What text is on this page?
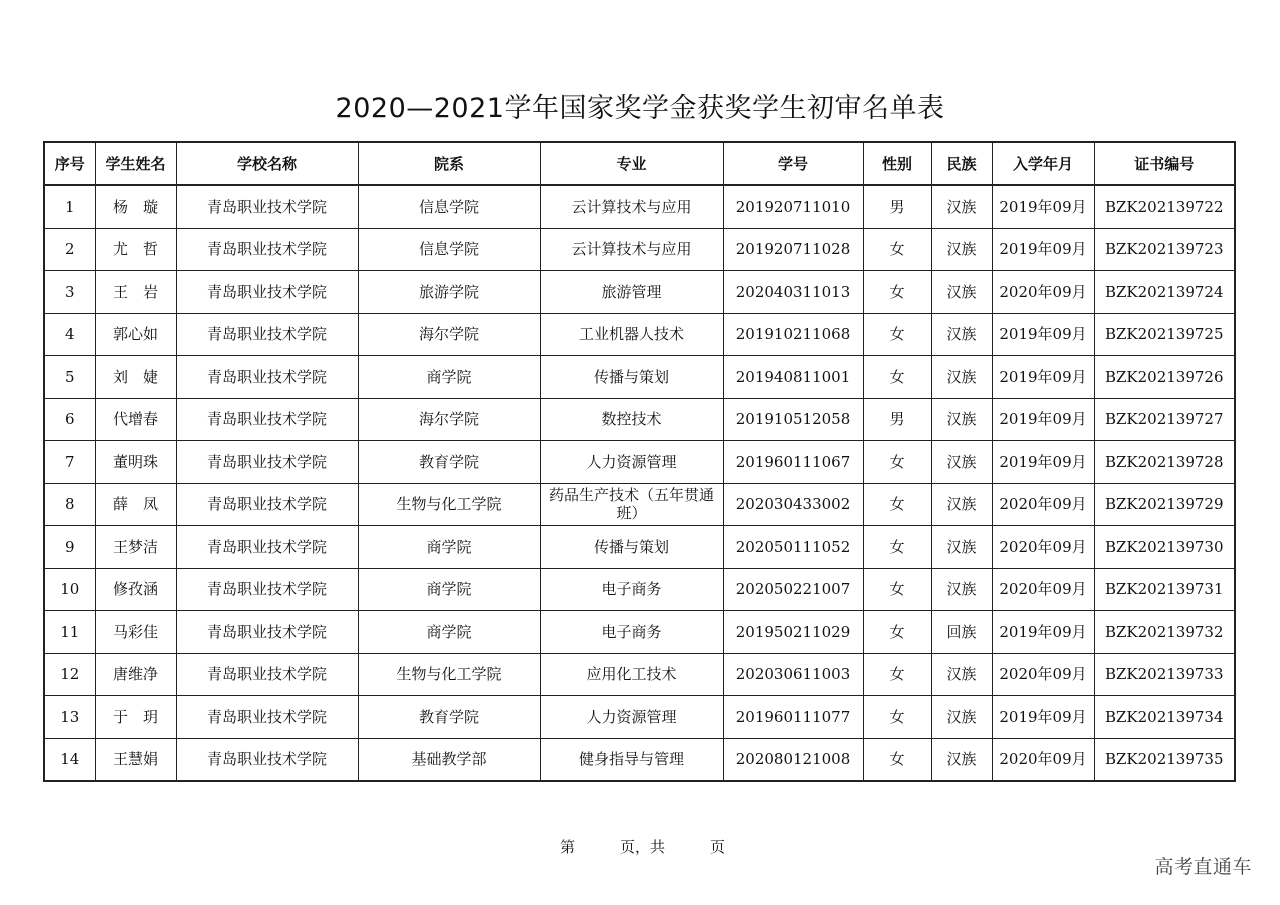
2020—2021学年国家奖学金获奖学生初审名单表
序号	学生姓名	学校名称	院系	专业	学号	性别	民族	入学年月	证书编号
1	杨　璇	青岛职业技术学院	信息学院	云计算技术与应用	201920711010	男	汉族	2019年09月	BZK202139722
2	尤　哲	青岛职业技术学院	信息学院	云计算技术与应用	201920711028	女	汉族	2019年09月	BZK202139723
3	王　岩	青岛职业技术学院	旅游学院	旅游管理	202040311013	女	汉族	2020年09月	BZK202139724
4	郭心如	青岛职业技术学院	海尔学院	工业机器人技术	201910211068	女	汉族	2019年09月	BZK202139725
5	刘　婕	青岛职业技术学院	商学院	传播与策划	201940811001	女	汉族	2019年09月	BZK202139726
6	代增春	青岛职业技术学院	海尔学院	数控技术	201910512058	男	汉族	2019年09月	BZK202139727
7	董明珠	青岛职业技术学院	教育学院	人力资源管理	201960111067	女	汉族	2019年09月	BZK202139728
8	薛　凤	青岛职业技术学院	生物与化工学院	药品生产技术（五年贯通班）	202030433002	女	汉族	2020年09月	BZK202139729
9	王梦洁	青岛职业技术学院	商学院	传播与策划	202050111052	女	汉族	2020年09月	BZK202139730
10	修孜涵	青岛职业技术学院	商学院	电子商务	202050221007	女	汉族	2020年09月	BZK202139731
11	马彩佳	青岛职业技术学院	商学院	电子商务	201950211029	女	回族	2019年09月	BZK202139732
12	唐维净	青岛职业技术学院	生物与化工学院	应用化工技术	202030611003	女	汉族	2020年09月	BZK202139733
13	于　玥	青岛职业技术学院	教育学院	人力资源管理	201960111077	女	汉族	2019年09月	BZK202139734
14	王慧娟	青岛职业技术学院	基础教学部	健身指导与管理	202080121008	女	汉族	2020年09月	BZK202139735
第　　　页，共　　　页
高考直通车
